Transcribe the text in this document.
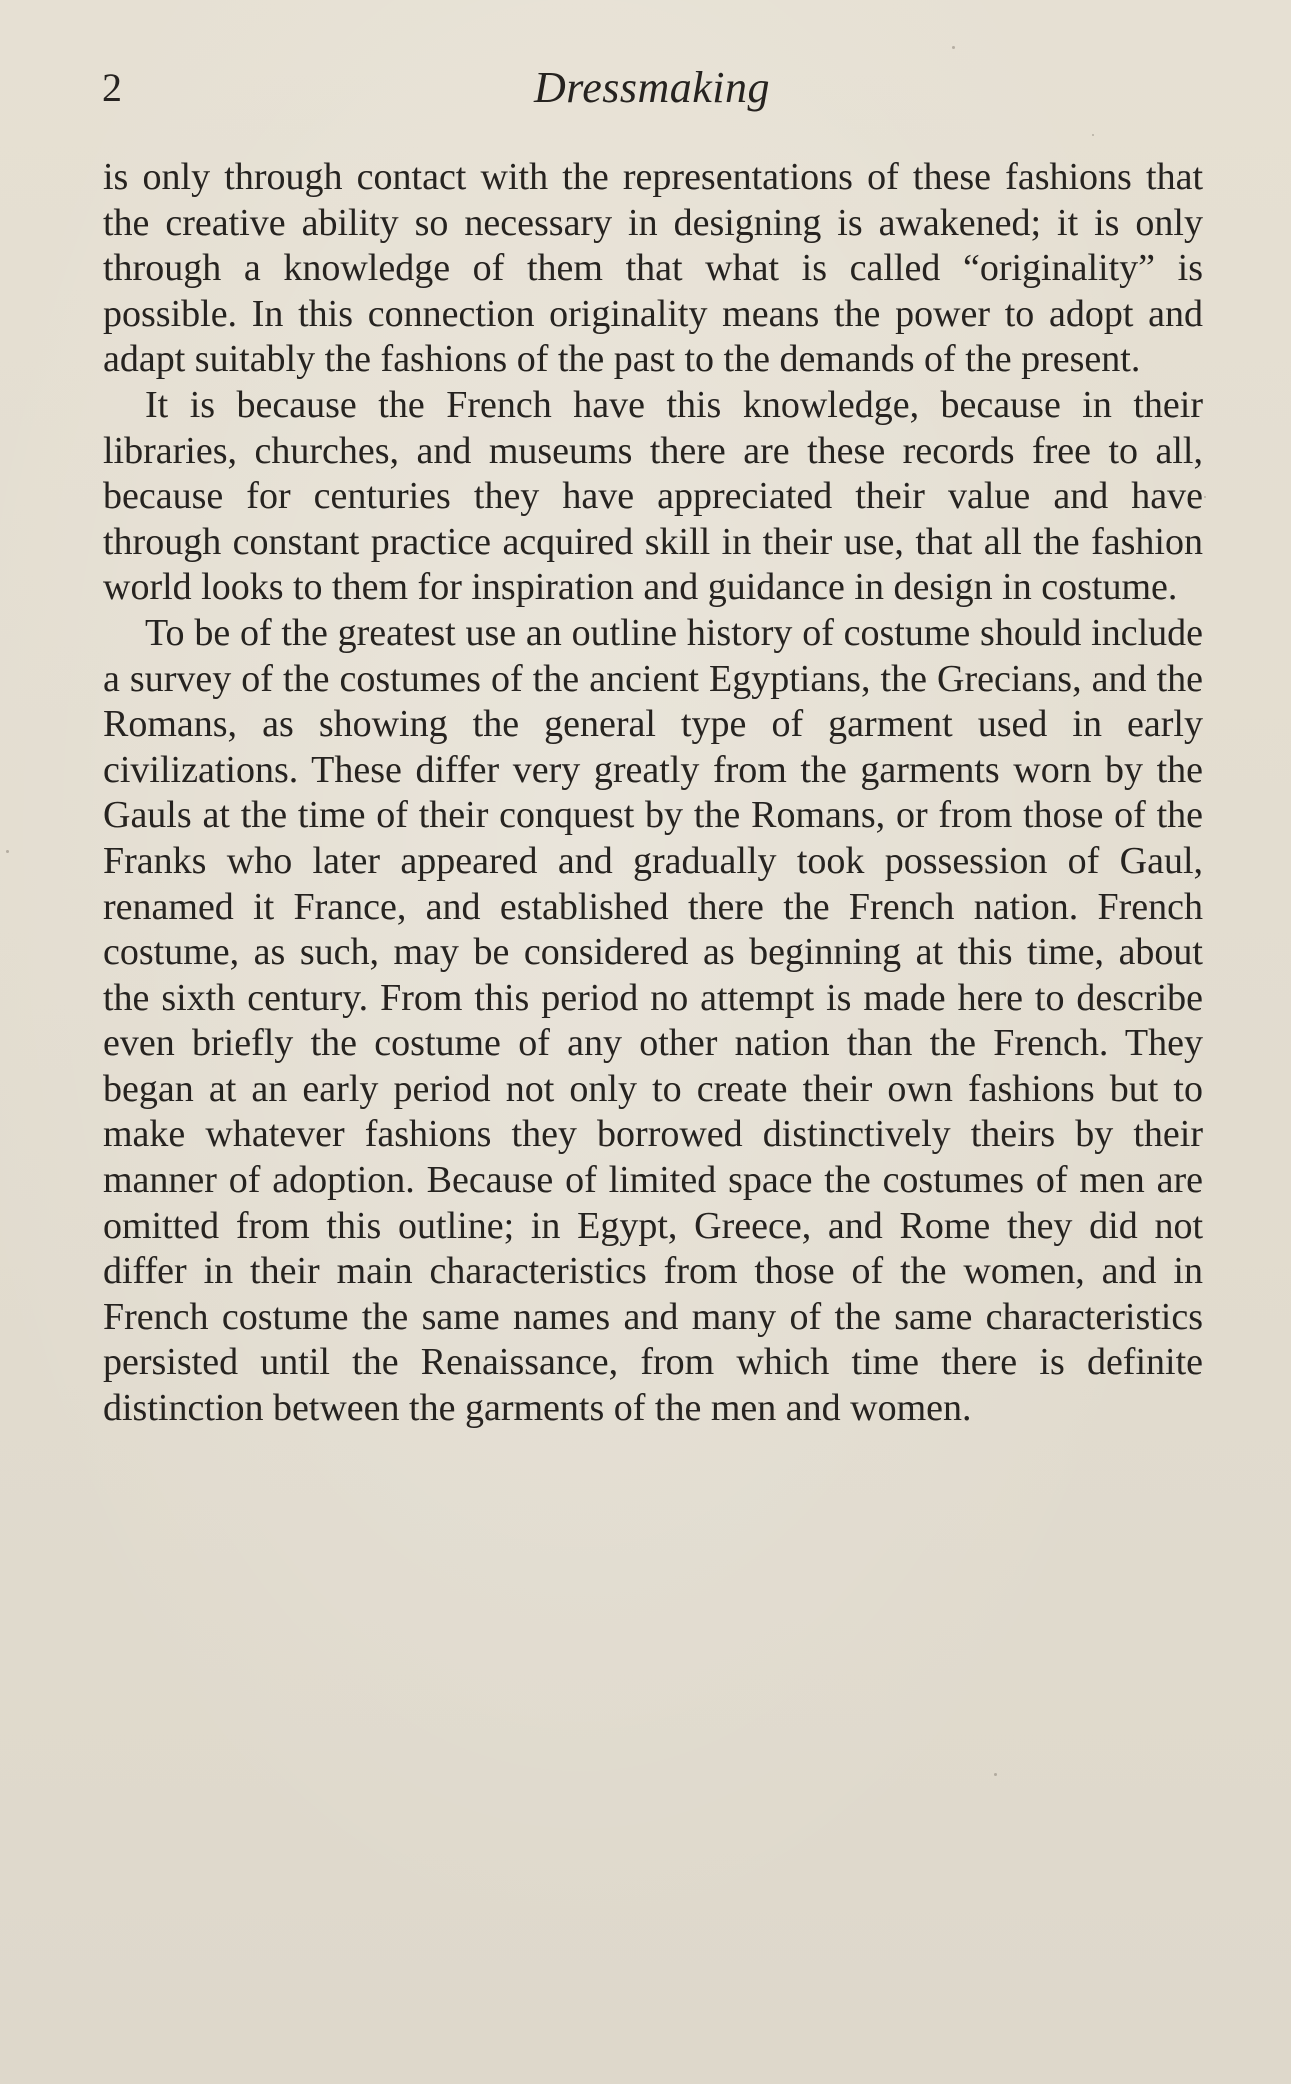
2	Dressmaking

is only through contact with the representations of these fashions that the creative ability so necessary in designing is awakened; it is only through a knowledge of them that what is called “originality” is possible. In this connection originality means the power to adopt and adapt suitably the fashions of the past to the demands of the present.

It is because the French have this knowledge, because in their libraries, churches, and museums there are these records free to all, because for centuries they have appreciated their value and have through constant practice acquired skill in their use, that all the fashion world looks to them for inspiration and guidance in design in costume.

To be of the greatest use an outline history of costume should include a survey of the costumes of the ancient Egyptians, the Grecians, and the Romans, as showing the general type of garment used in early civilizations. These differ very greatly from the garments worn by the Gauls at the time of their conquest by the Romans, or from those of the Franks who later appeared and gradually took possession of Gaul, renamed it France, and established there the French nation. French costume, as such, may be considered as beginning at this time, about the sixth century. From this period no attempt is made here to describe even briefly the costume of any other nation than the French. They began at an early period not only to create their own fashions but to make whatever fashions they borrowed distinctively theirs by their manner of adoption. Because of limited space the costumes of men are omitted from this outline; in Egypt, Greece, and Rome they did not differ in their main characteristics from those of the women, and in French costume the same names and many of the same characteristics persisted until the Renaissance, from which time there is definite distinction between the garments of the men and women.
